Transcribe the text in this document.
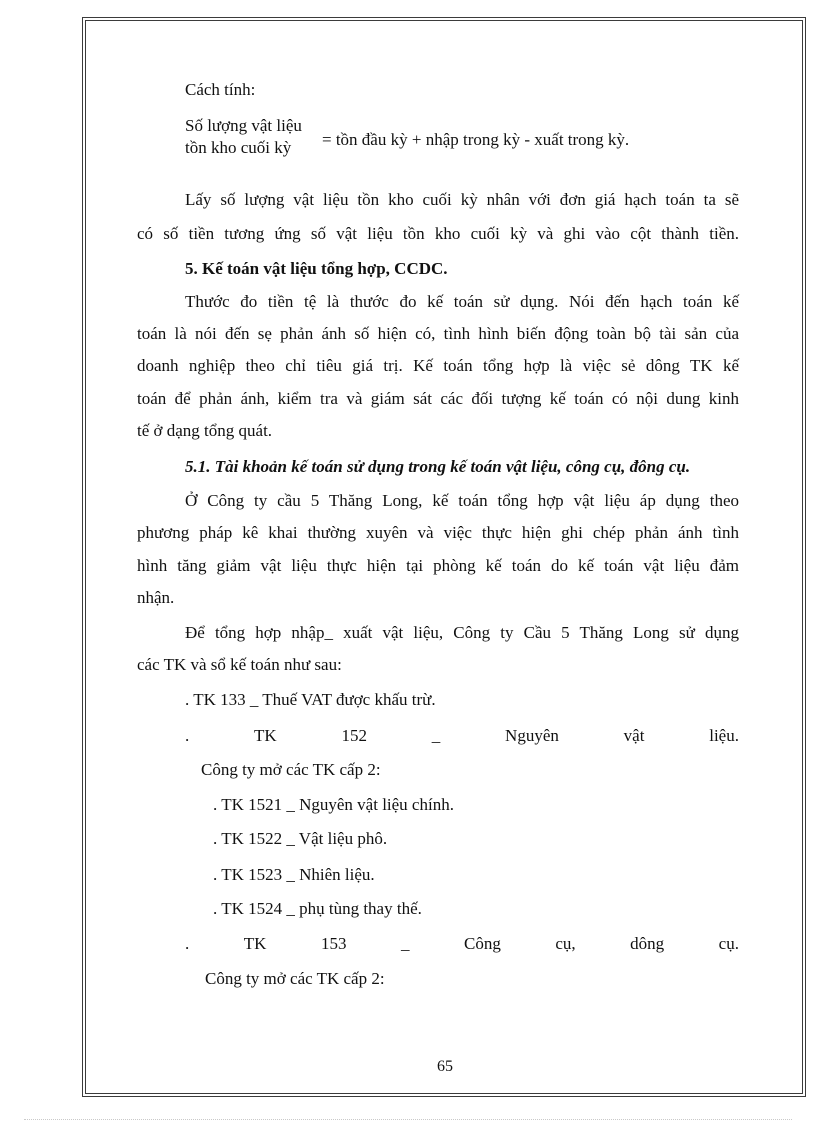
Cách tính:
Số lượng vật liệu
tồn kho cuối kỳ	= tồn đầu kỳ + nhập trong kỳ - xuất trong kỳ.
Lấy số lượng vật liệu tồn kho cuối kỳ nhân với đơn giá hạch toán ta sẽ
có số tiền tương ứng số vật liệu tồn kho cuối kỳ và ghi vào cột thành tiền.
5. Kế toán vật liệu tổng hợp, CCDC.
Thước đo tiền tệ là thước đo kế toán sử dụng. Nói đến hạch toán kế
toán là nói đến sẹ phản ánh số hiện có, tình hình biến động toàn bộ tài sản của
doanh nghiệp theo chỉ tiêu giá trị. Kế toán tổng hợp là việc sẻ dông TK kế
toán để phản ánh, kiểm tra và giám sát các đối tượng kế toán có nội dung kinh
tế ở dạng tổng quát.
5.1. Tài khoản kế toán sử dụng trong kế toán vật liệu, công cụ, đông cụ.
Ở Công ty cầu 5 Thăng Long, kế toán tổng hợp vật liệu áp dụng theo
phương pháp kê khai thường xuyên và việc thực hiện ghi chép phản ánh tình
hình tăng giảm vật liệu thực hiện tại phòng kế toán do kế toán vật liệu đảm
nhận.
Để tổng hợp nhập_ xuất vật liệu, Công ty Cầu 5 Thăng Long sử dụng
các TK và sổ kế toán như sau:
. TK 133 _ Thuế VAT được khấu trừ.
.	TK	152	_	Nguyên	vật	liệu.
Công ty mở các TK cấp 2:
. TK 1521 _ Nguyên vật liệu chính.
. TK 1522 _ Vật liệu phô.
. TK 1523 _ Nhiên liệu.
. TK 1524 _ phụ tùng thay thế.
.	TK	153	_	Công	cụ,	dông	cụ.
Công ty mở các TK cấp 2:
65
